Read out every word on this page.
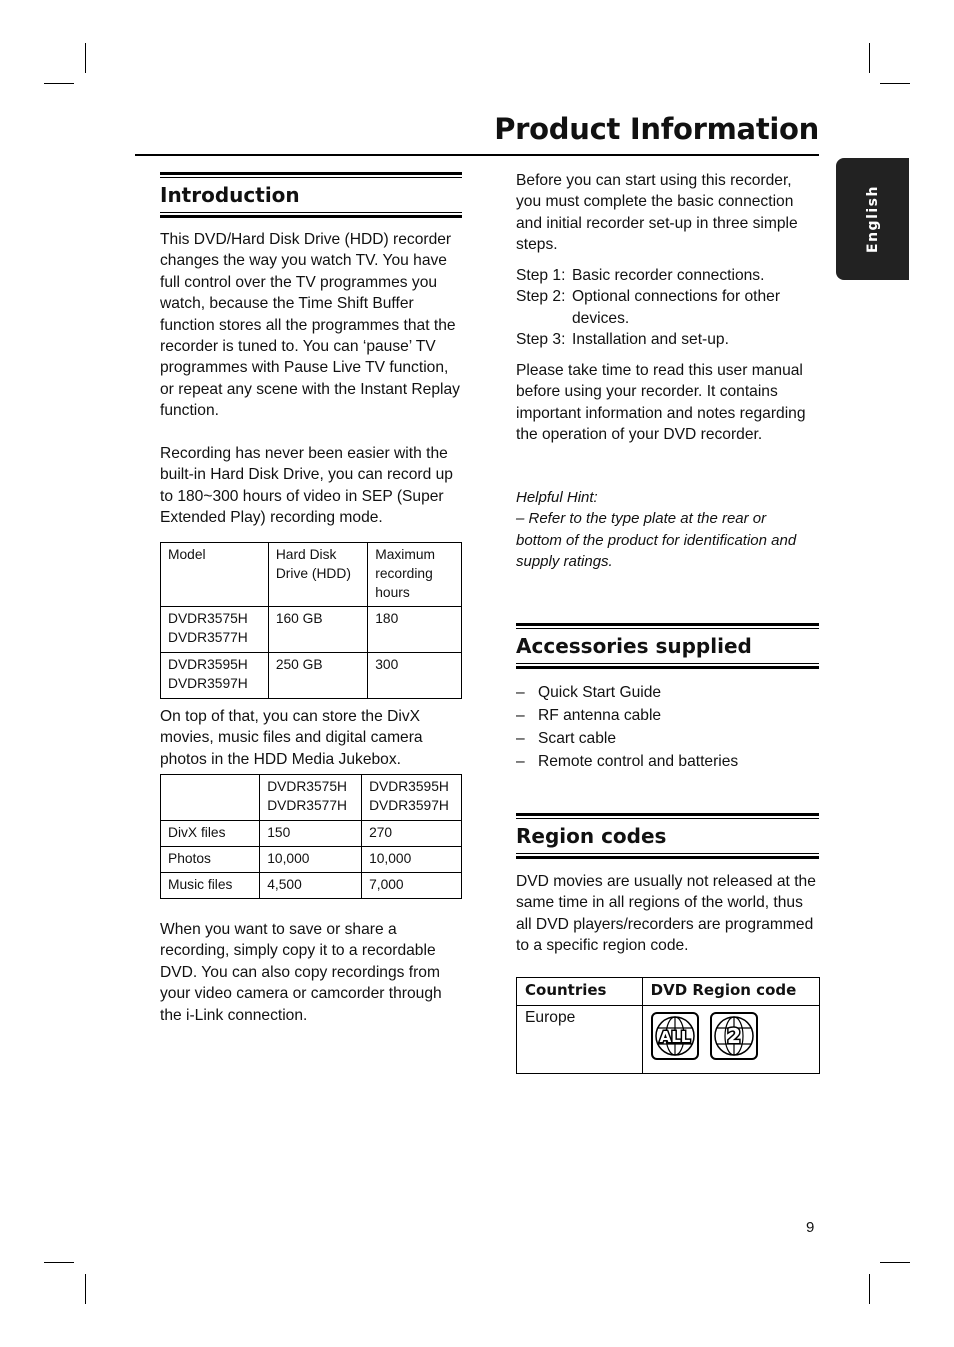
Product Information
English
Introduction

This DVD/Hard Disk Drive (HDD) recorder changes the way you watch TV. You have full control over the TV programmes you watch, because the Time Shift Buffer function stores all the programmes that the recorder is tuned to. You can ‘pause’ TV programmes with Pause Live TV function, or repeat any scene with the Instant Replay function.

Recording has never been easier with the built-in Hard Disk Drive, you can record up to 180~300 hours of video in SEP (Super Extended Play) recording mode.

Model	Hard Disk Drive (HDD)	Maximum recording hours
DVDR3575H DVDR3577H	160 GB	180
DVDR3595H DVDR3597H	250 GB	300

On top of that, you can store the DivX movies, music files and digital camera photos in the HDD Media Jukebox.

	DVDR3575H DVDR3577H	DVDR3595H DVDR3597H
DivX files	150	270
Photos	10,000	10,000
Music files	4,500	7,000

When you want to save or share a recording, simply copy it to a recordable DVD. You can also copy recordings from your video camera or camcorder through the i-Link connection.

Before you can start using this recorder, you must complete the basic connection and initial recorder set-up in three simple steps.

Step 1: Basic recorder connections.
Step 2: Optional connections for other devices.
Step 3: Installation and set-up.

Please take time to read this user manual before using your recorder. It contains important information and notes regarding the operation of your DVD recorder.

Helpful Hint:
– Refer to the type plate at the rear or bottom of the product for identification and supply ratings.
Accessories supplied
– Quick Start Guide
– RF antenna cable
– Scart cable
– Remote control and batteries
Region codes

DVD movies are usually not released at the same time in all regions of the world, thus all DVD players/recorders are programmed to a specific region code.

Countries	DVD Region code
Europe	ALL 2
9
